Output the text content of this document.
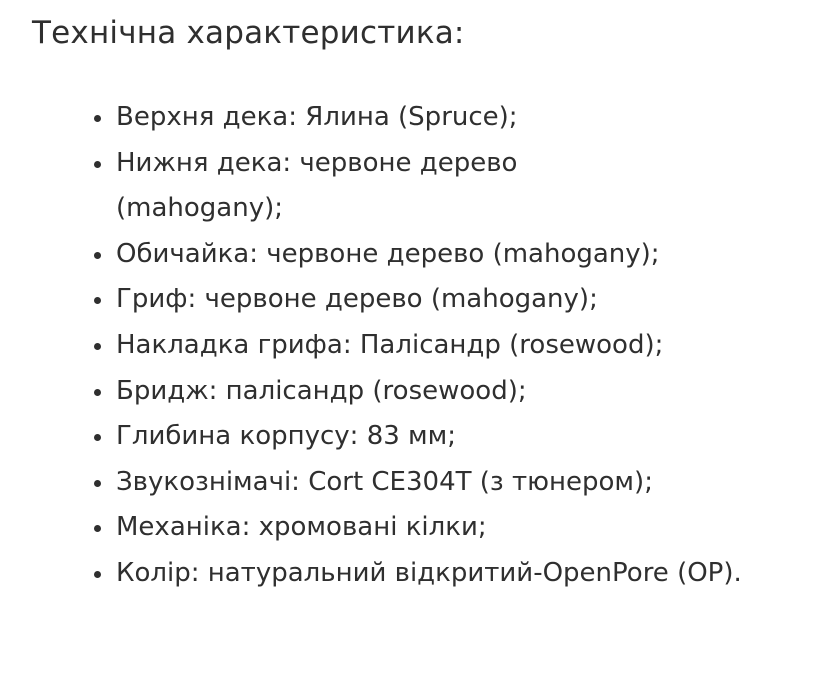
Технічна характеристика:
Верхня дека: Ялина (Spruce);
Нижня дека: червоне дерево (mahogany);
Обичайка: червоне дерево (mahogany);
Гриф: червоне дерево (mahogany);
Накладка грифа: Палісандр (rosewood);
Бридж: палісандр (rosewood);
Глибина корпусу: 83 мм;
Звукознімачі: Cort CE304T (з тюнером);
Механіка: хромовані кілки;
Колір: натуральний відкритий-OpenPore (OP).
